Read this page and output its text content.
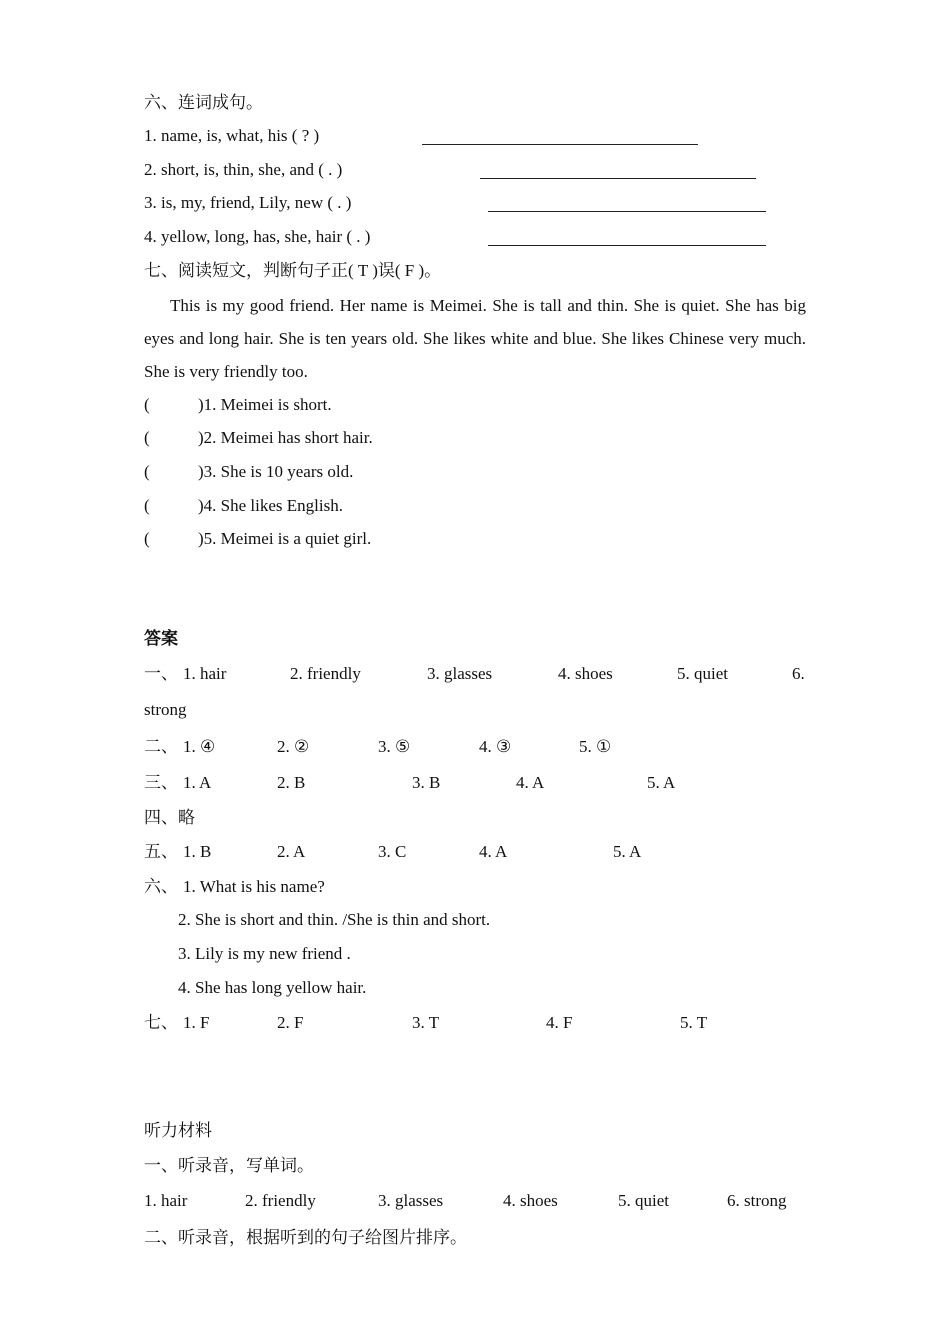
六、连词成句。
1. name, is, what, his ( ? )
2. short, is, thin, she, and ( . )
3. is, my, friend, Lily, new ( . )
4. yellow, long, has, she, hair ( . )
七、阅读短文，判断句子正( T )误( F )。
This is my good friend. Her name is Meimei. She is tall and thin. She is quiet. She has big eyes and long hair. She is ten years old. She likes white and blue. She likes Chinese very much. She is very friendly too.
(	)1. Meimei is short.
(	)2. Meimei has short hair.
(	)3. She is 10 years old.
(	)4. She likes English.
(	)5. Meimei is a quiet girl.
答案
一、 1. hair	2. friendly	3. glasses	4. shoes	5. quiet	6.
strong
二、 1. ④	2. ②	3. ⑤	4. ③	5. ①
三、 1. A	2. B	3. B	4. A	5. A
四、略
五、 1. B	2. A	3. C	4. A	5. A
六、 1. What is his name?
2. She is short and thin. /She is thin and short.
3. Lily is my new friend .
4. She has long yellow hair.
七、 1. F	2. F	3. T	4. F	5. T
听力材料
一、听录音，写单词。
1. hair	2. friendly	3. glasses	4. shoes	5. quiet	6. strong
二、听录音，根据听到的句子给图片排序。
